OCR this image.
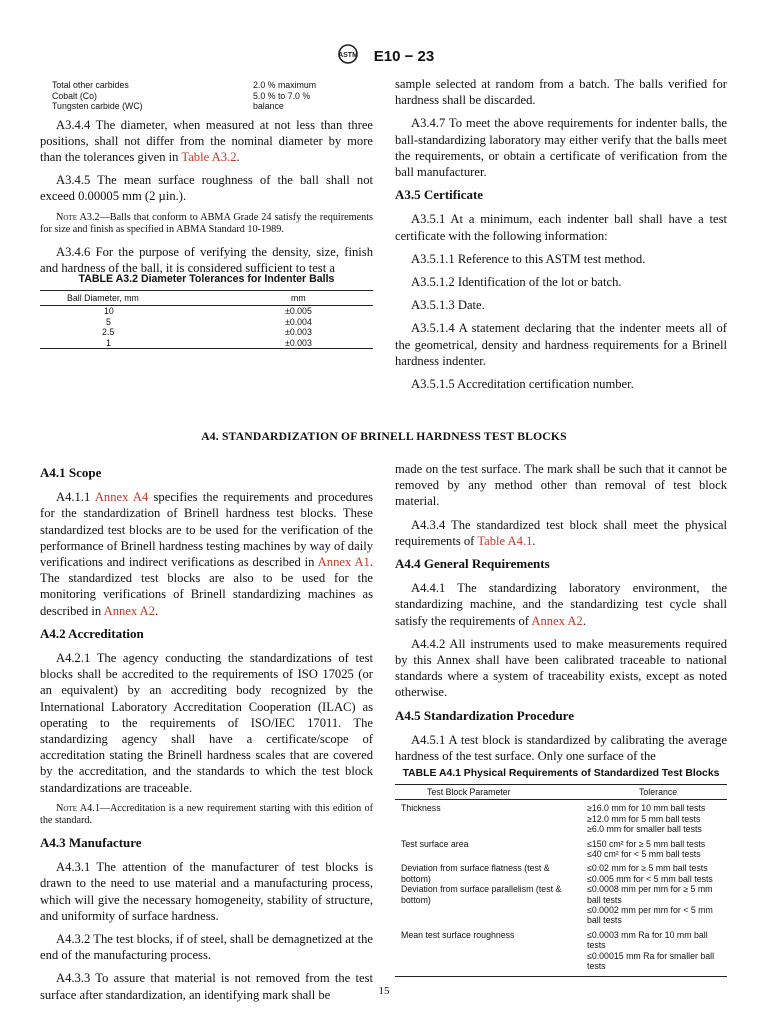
ASTM E10 − 23
Total other carbides	2.0 % maximum
Cobalt (Co)	5.0 % to 7.0 %
Tungsten carbide (WC)	balance

A3.4.4 The diameter, when measured at not less than three positions, shall not differ from the nominal diameter by more than the tolerances given in Table A3.2.

A3.4.5 The mean surface roughness of the ball shall not exceed 0.00005 mm (2 µin.).

Note A3.2—Balls that conform to ABMA Grade 24 satisfy the requirements for size and finish as specified in ABMA Standard 10-1989.

A3.4.6 For the purpose of verifying the density, size, finish and hardness of the ball, it is considered sufficient to test a

TABLE A3.2 Diameter Tolerances for Indenter Balls
Ball Diameter, mm	mm
10	±0.005
5	±0.004
2.5	±0.003
1	±0.003

sample selected at random from a batch. The balls verified for hardness shall be discarded.

A3.4.7 To meet the above requirements for indenter balls, the ball-standardizing laboratory may either verify that the balls meet the requirements, or obtain a certificate of verification from the ball manufacturer.

A3.5 Certificate

A3.5.1 At a minimum, each indenter ball shall have a test certificate with the following information:

A3.5.1.1 Reference to this ASTM test method.

A3.5.1.2 Identification of the lot or batch.

A3.5.1.3 Date.

A3.5.1.4 A statement declaring that the indenter meets all of the geometrical, density and hardness requirements for a Brinell hardness indenter.

A3.5.1.5 Accreditation certification number.

A4. STANDARDIZATION OF BRINELL HARDNESS TEST BLOCKS
A4.1 Scope

A4.1.1 Annex A4 specifies the requirements and procedures for the standardization of Brinell hardness test blocks. These standardized test blocks are to be used for the verification of the performance of Brinell hardness testing machines by way of daily verifications and indirect verifications as described in Annex A1. The standardized test blocks are also to be used for the monitoring verifications of Brinell standardizing machines as described in Annex A2.

A4.2 Accreditation

A4.2.1 The agency conducting the standardizations of test blocks shall be accredited to the requirements of ISO 17025 (or an equivalent) by an accrediting body recognized by the International Laboratory Accreditation Cooperation (ILAC) as operating to the requirements of ISO/IEC 17011. The standardizing agency shall have a certificate/scope of accreditation stating the Brinell hardness scales that are covered by the accreditation, and the standards to which the test block standardizations are traceable.

Note A4.1—Accreditation is a new requirement starting with this edition of the standard.
A4.3 Manufacture

A4.3.1 The attention of the manufacturer of test blocks is drawn to the need to use material and a manufacturing process, which will give the necessary homogeneity, stability of structure, and uniformity of surface hardness.

A4.3.2 The test blocks, if of steel, shall be demagnetized at the end of the manufacturing process.

A4.3.3 To assure that material is not removed from the test surface after standardization, an identifying mark shall be

made on the test surface. The mark shall be such that it cannot be removed by any method other than removal of test block material.

A4.3.4 The standardized test block shall meet the physical requirements of Table A4.1.

A4.4 General Requirements

A4.4.1 The standardizing laboratory environment, the standardizing machine, and the standardizing test cycle shall satisfy the requirements of Annex A2.

A4.4.2 All instruments used to make measurements required by this Annex shall have been calibrated traceable to national standards where a system of traceability exists, except as noted otherwise.

A4.5 Standardization Procedure

A4.5.1 A test block is standardized by calibrating the average hardness of the test surface. Only one surface of the

TABLE A4.1 Physical Requirements of Standardized Test Blocks
Test Block Parameter	Tolerance
Thickness	≥16.0 mm for 10 mm ball tests
≥12.0 mm for 5 mm ball tests
≥6.0 mm for smaller ball tests

Test surface area	≤150 cm² for ≥ 5 mm ball tests
≤40 cm² for < 5 mm ball tests

Deviation from surface flatness (test & bottom)	≤0.02 mm for ≥ 5 mm ball tests
≤0.005 mm for < 5 mm ball tests

Deviation from surface parallelism (test & bottom)	≤0.0008 mm per mm for ≥ 5 mm ball tests
≤0.0002 mm per mm for < 5 mm ball tests

Mean test surface roughness	≤0.0003 mm Ra for 10 mm ball tests
≤0.00015 mm Ra for smaller ball tests
15
